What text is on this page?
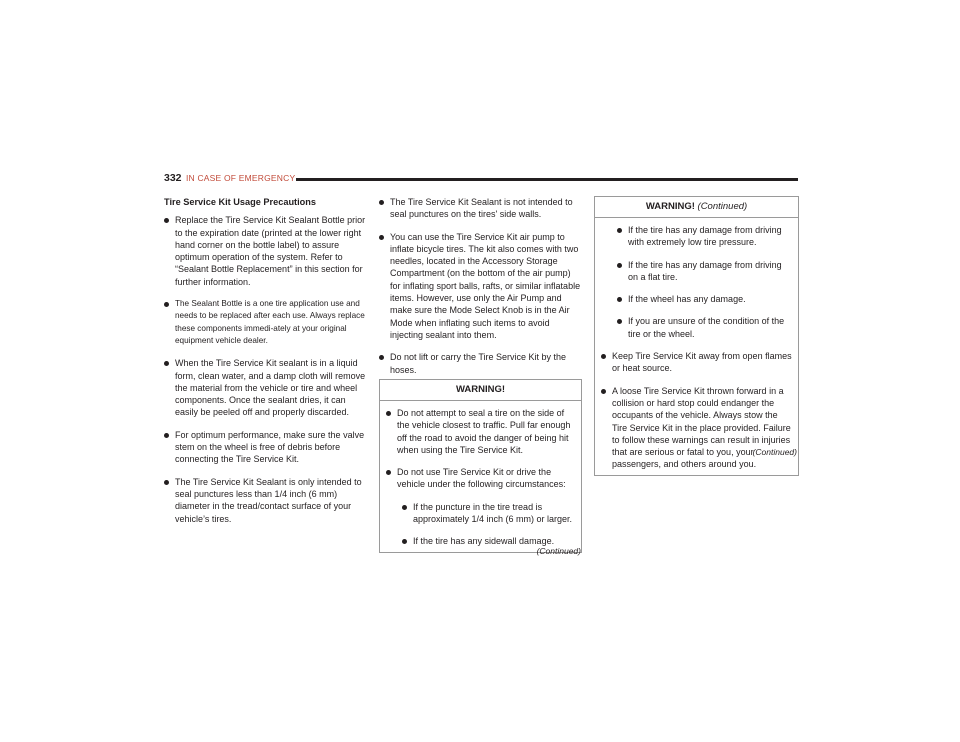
332 IN CASE OF EMERGENCY
Tire Service Kit Usage Precautions
Replace the Tire Service Kit Sealant Bottle prior to the expiration date (printed at the lower right hand corner on the bottle label) to assure optimum operation of the system. Refer to “Sealant Bottle Replacement” in this section for further information.
The Sealant Bottle is a one tire application use and needs to be replaced after each use. Always replace these components immedi-ately at your original equipment vehicle dealer.
When the Tire Service Kit sealant is in a liquid form, clean water, and a damp cloth will remove the material from the vehicle or tire and wheel components. Once the sealant dries, it can easily be peeled off and properly discarded.
For optimum performance, make sure the valve stem on the wheel is free of debris before connecting the Tire Service Kit.
The Tire Service Kit Sealant is only intended to seal punctures less than 1/4 inch (6 mm) diameter in the tread/contact surface of your vehicle’s tires.
The Tire Service Kit Sealant is not intended to seal punctures on the tires' side walls.
You can use the Tire Service Kit air pump to inflate bicycle tires. The kit also comes with two needles, located in the Accessory Storage Compartment (on the bottom of the air pump) for inflating sport balls, rafts, or similar inflatable items. However, use only the Air Pump and make sure the Mode Select Knob is in the Air Mode when inflating such items to avoid injecting sealant into them.
Do not lift or carry the Tire Service Kit by the hoses.
WARNING!
Do not attempt to seal a tire on the side of the vehicle closest to traffic. Pull far enough off the road to avoid the danger of being hit when using the Tire Service Kit.
Do not use Tire Service Kit or drive the vehicle under the following circumstances:
If the puncture in the tire tread is approximately 1/4 inch (6 mm) or larger.
If the tire has any sidewall damage.
(Continued)
WARNING! (Continued)
If the tire has any damage from driving with extremely low tire pressure.
If the tire has any damage from driving on a flat tire.
If the wheel has any damage.
If you are unsure of the condition of the tire or the wheel.
Keep Tire Service Kit away from open flames or heat source.
A loose Tire Service Kit thrown forward in a collision or hard stop could endanger the occupants of the vehicle. Always stow the Tire Service Kit in the place provided. Failure to follow these warnings can result in injuries that are serious or fatal to you, your passengers, and others around you.
(Continued)
